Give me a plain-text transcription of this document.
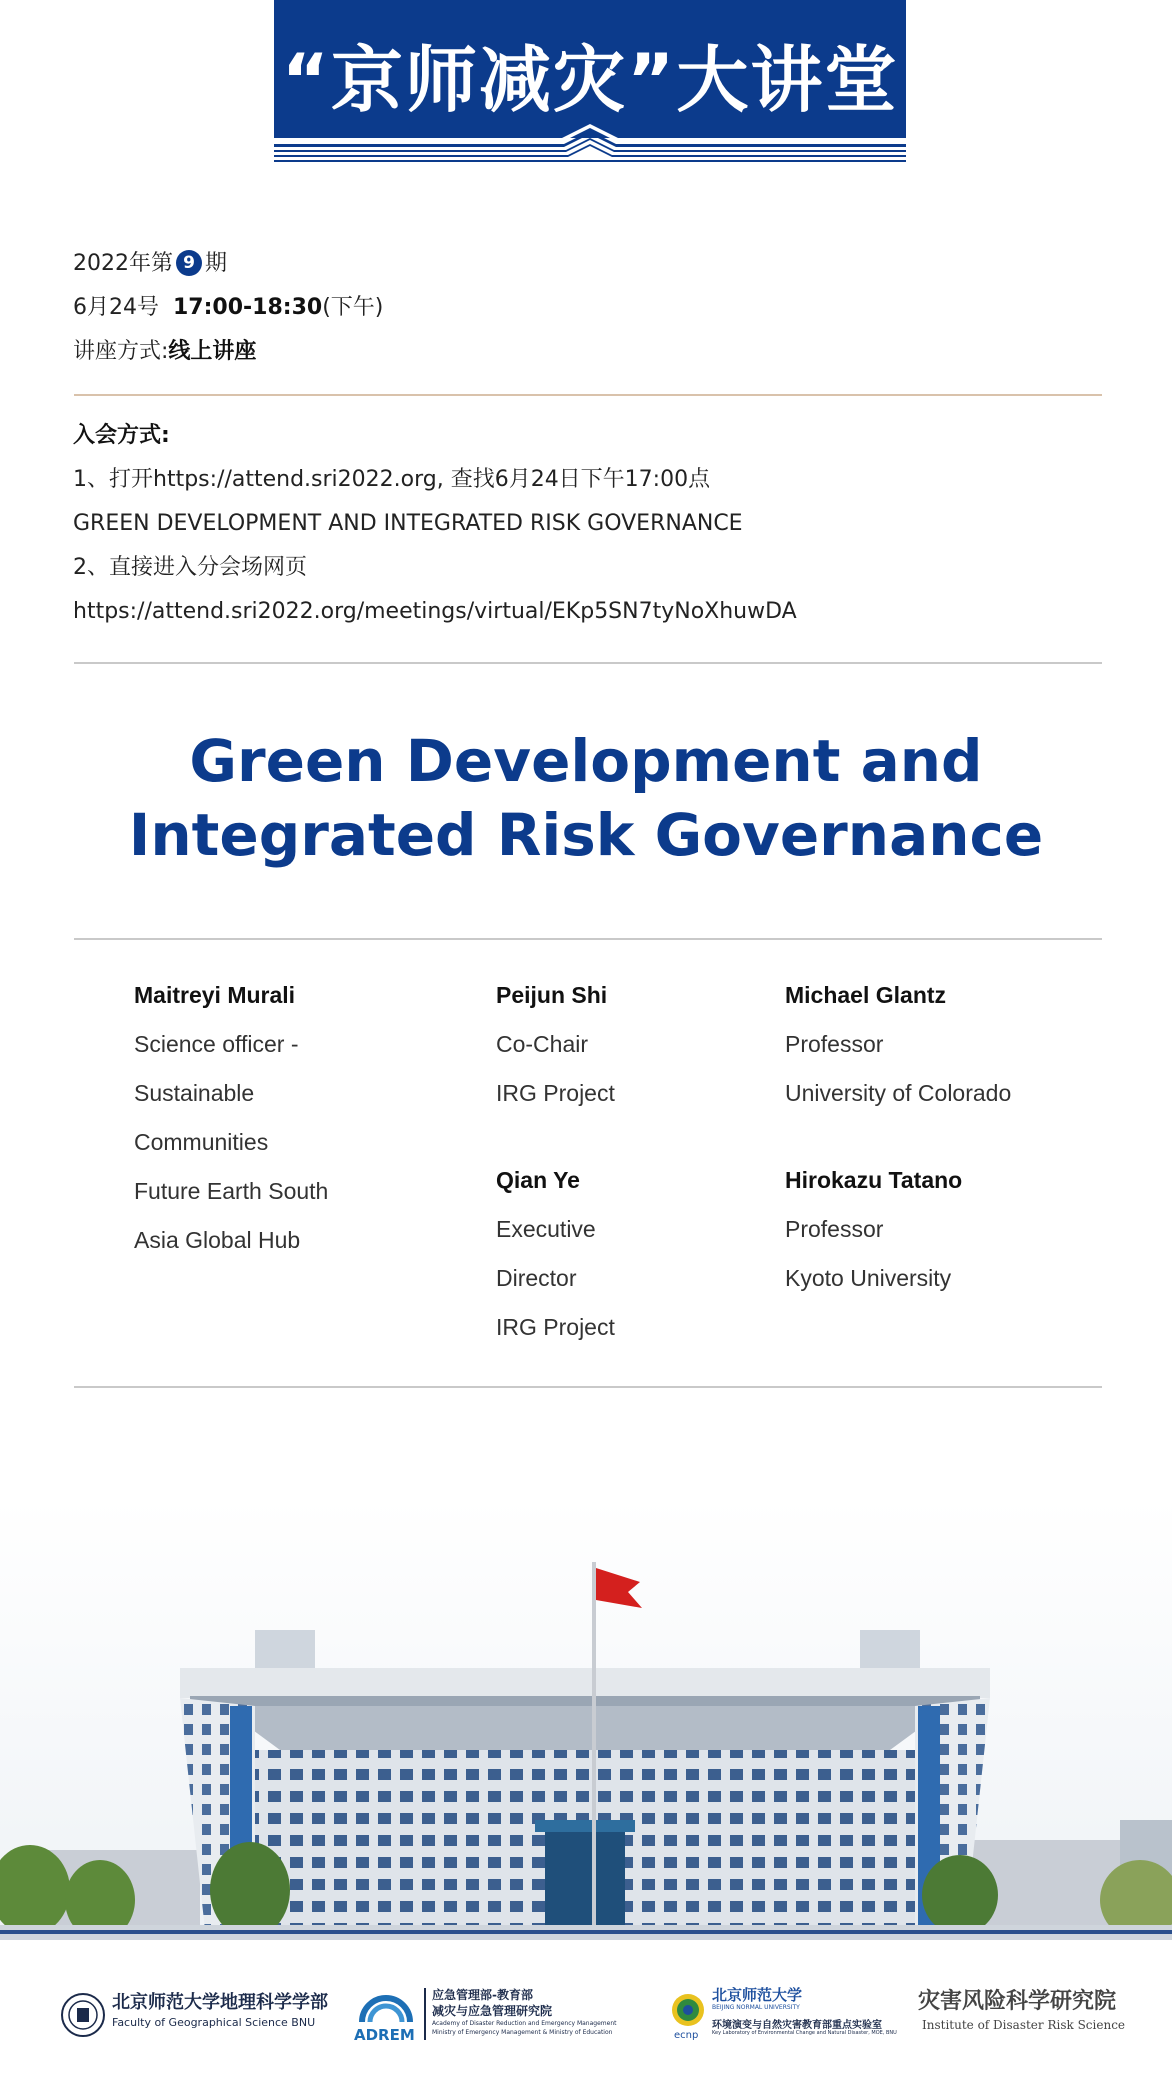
“京师减灾”大讲堂
2022年第 9 期
6月24号 17:00-18:30(下午)
讲座方式:线上讲座
入会方式:
1、打开https://attend.sri2022.org, 查找6月24日下午17:00点
GREEN DEVELOPMENT AND INTEGRATED RISK GOVERNANCE
2、直接进入分会场网页
https://attend.sri2022.org/meetings/virtual/EKp5SN7tyNoXhuwDA
Green Development and
Integrated Risk Governance
Maitreyi Murali
Science officer -
Sustainable
Communities
Future Earth South
Asia Global Hub
Peijun Shi
Co-Chair
IRG Project
Qian Ye
Executive
Director
IRG Project
Michael Glantz
Professor
University of Colorado
Hirokazu Tatano
Professor
Kyoto University
北京师范大学地理科学学部
Faculty of Geographical Science BNU
ADREM
应急管理部-教育部
减灾与应急管理研究院
Academy of Disaster Reduction and Emergency Management
Ministry of Emergency Management & Ministry of Education	ecnp
北京师范大学
BEIJING NORMAL UNIVERSITY
环境演变与自然灾害教育部重点实验室
Key Laboratory of Environmental Change and Natural Disaster, MOE, BNU
灾害风险科学研究院
Institute of Disaster Risk Science
